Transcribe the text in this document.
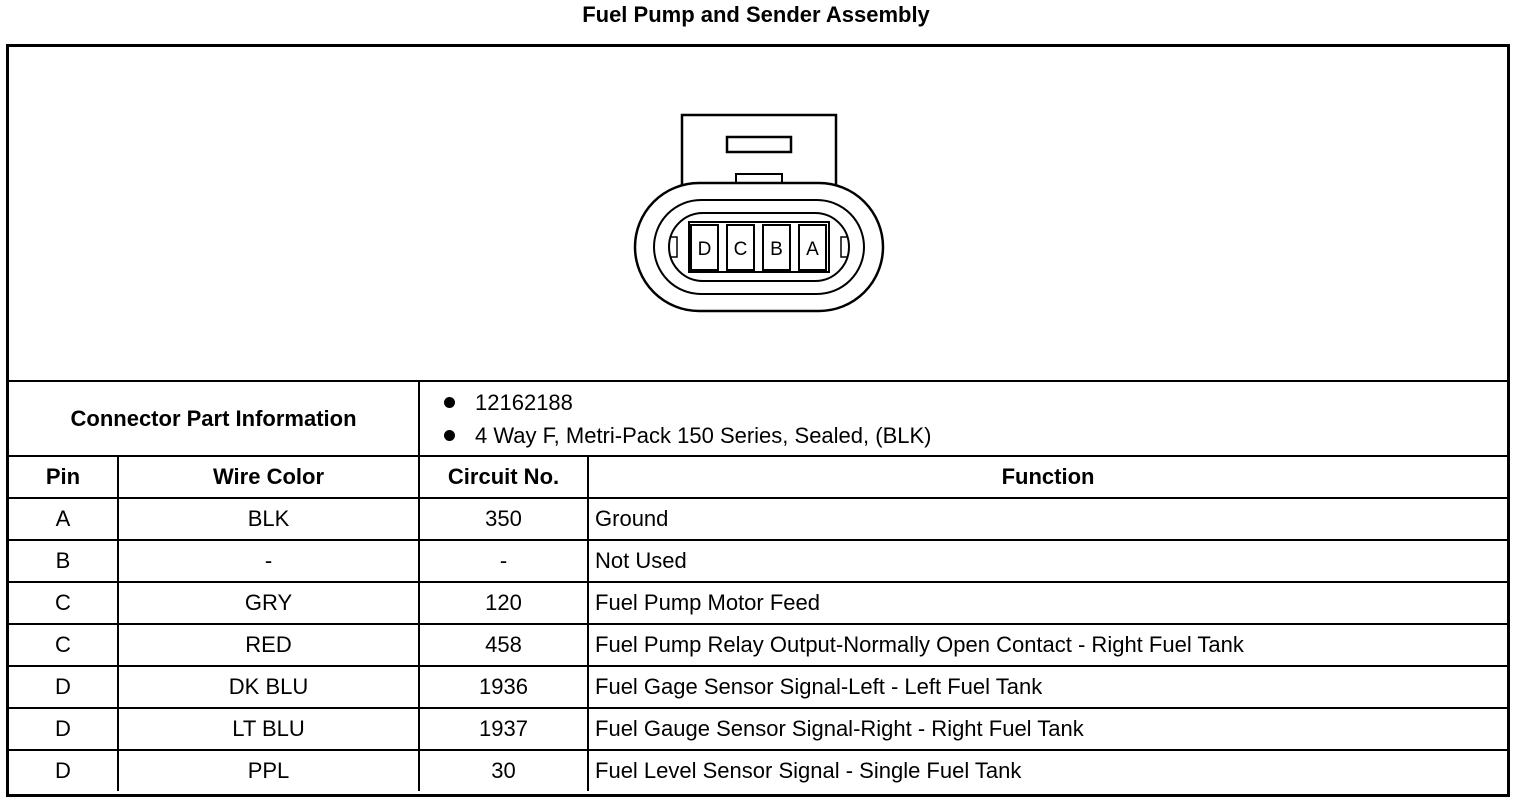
Fuel Pump and Sender Assembly
D C B A
Connector Part Information		12162188
4 Way F, Metri-Pack 150 Series, Sealed, (BLK)	

Pin	Wire Color	Circuit No.	Function
A	BLK	350	Ground
B	-	-	Not Used
C	GRY	120	Fuel Pump Motor Feed
C	RED	458	Fuel Pump Relay Output-Normally Open Contact - Right Fuel Tank
D	DK BLU	1936	Fuel Gage Sensor Signal-Left - Left Fuel Tank
D	LT BLU	1937	Fuel Gauge Sensor Signal-Right - Right Fuel Tank
D	PPL	30	Fuel Level Sensor Signal - Single Fuel Tank
